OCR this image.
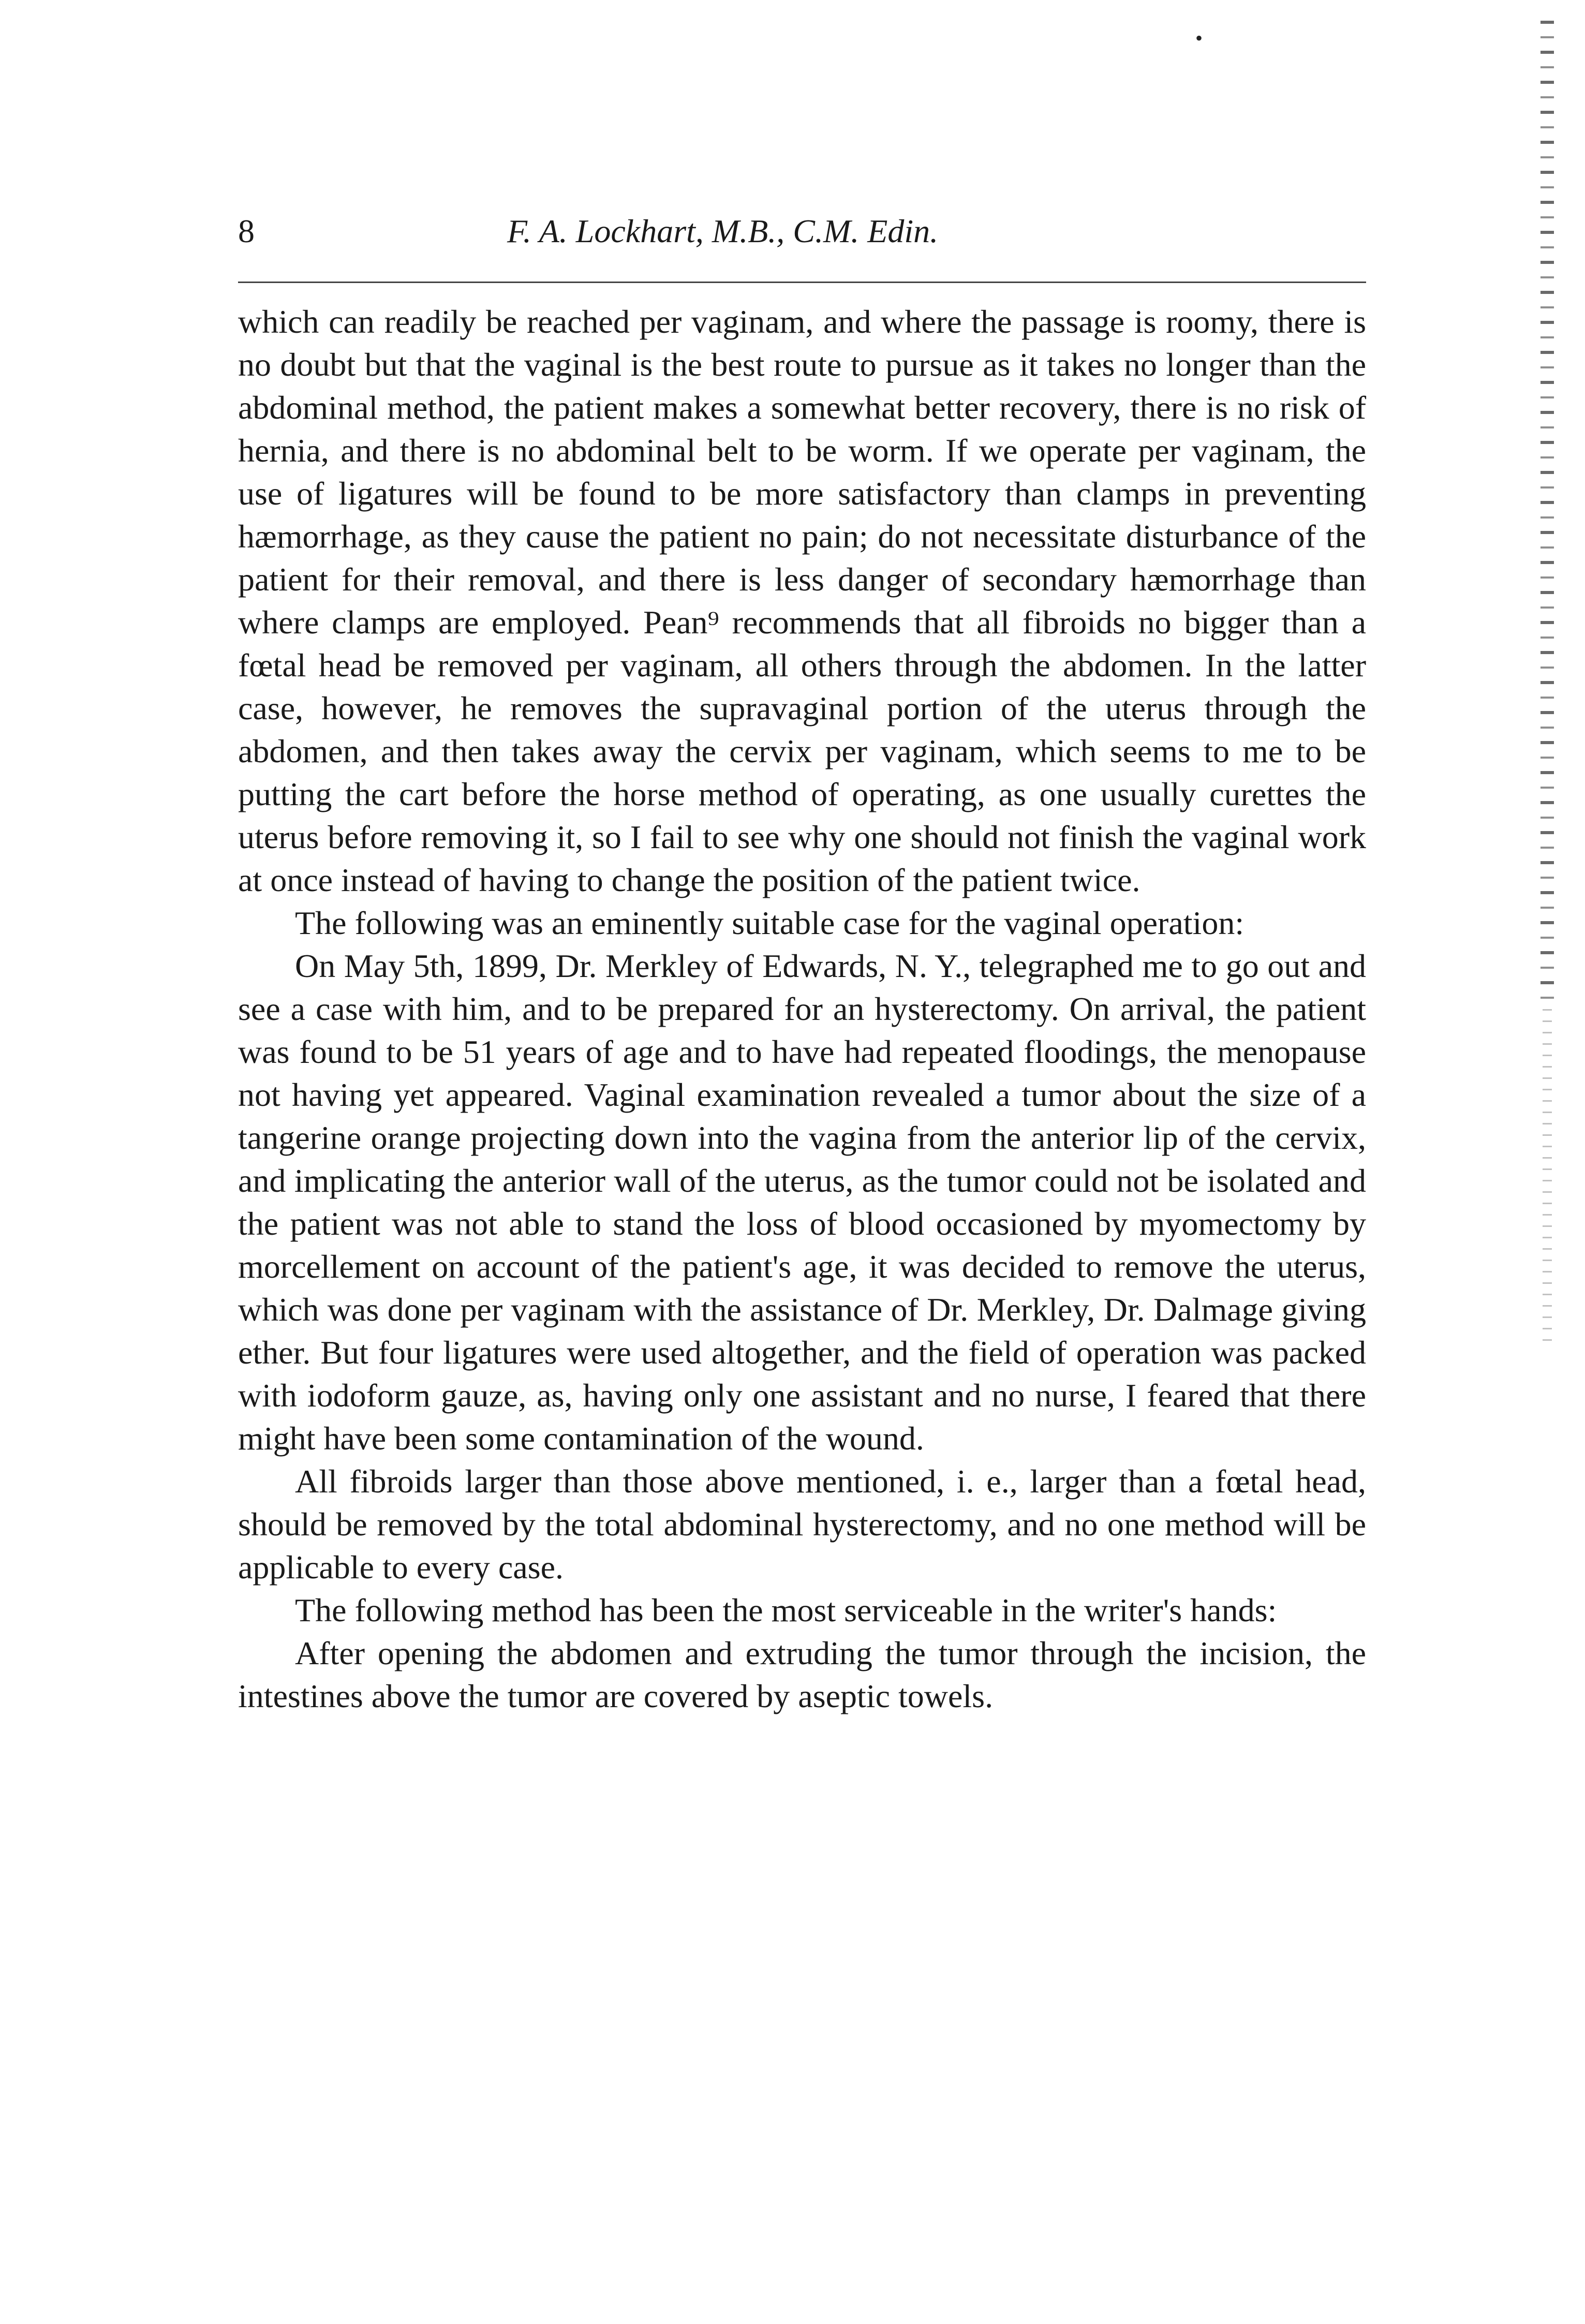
•
8	F. A. Lockhart, M.B., C.M. Edin.

which can readily be reached per vaginam, and where the passage is roomy, there is no doubt but that the vaginal is the best route to pursue as it takes no longer than the abdominal method, the patient makes a somewhat better recovery, there is no risk of hernia, and there is no abdominal belt to be worm. If we operate per vaginam, the use of ligatures will be found to be more satisfactory than clamps in preventing hæmorrhage, as they cause the patient no pain; do not necessitate disturbance of the patient for their removal, and there is less danger of secondary hæmorrhage than where clamps are employed. Pean⁹ recommends that all fibroids no bigger than a fœtal head be removed per vaginam, all others through the abdomen. In the latter case, however, he removes the supravaginal portion of the uterus through the abdomen, and then takes away the cervix per vaginam, which seems to me to be putting the cart before the horse method of operating, as one usually curettes the uterus before removing it, so I fail to see why one should not finish the vaginal work at once instead of having to change the position of the patient twice.

The following was an eminently suitable case for the vaginal operation:

On May 5th, 1899, Dr. Merkley of Edwards, N. Y., telegraphed me to go out and see a case with him, and to be prepared for an hysterectomy. On arrival, the patient was found to be 51 years of age and to have had repeated floodings, the menopause not having yet appeared. Vaginal examination revealed a tumor about the size of a tangerine orange projecting down into the vagina from the anterior lip of the cervix, and implicating the anterior wall of the uterus, as the tumor could not be isolated and the patient was not able to stand the loss of blood occasioned by myomectomy by morcellement on account of the patient's age, it was decided to remove the uterus, which was done per vaginam with the assistance of Dr. Merkley, Dr. Dalmage giving ether. But four ligatures were used altogether, and the field of operation was packed with iodoform gauze, as, having only one assistant and no nurse, I feared that there might have been some contamination of the wound.

All fibroids larger than those above mentioned, i. e., larger than a fœtal head, should be removed by the total abdominal hysterectomy, and no one method will be applicable to every case.

The following method has been the most serviceable in the writer's hands:

After opening the abdomen and extruding the tumor through the incision, the intestines above the tumor are covered by aseptic towels.
